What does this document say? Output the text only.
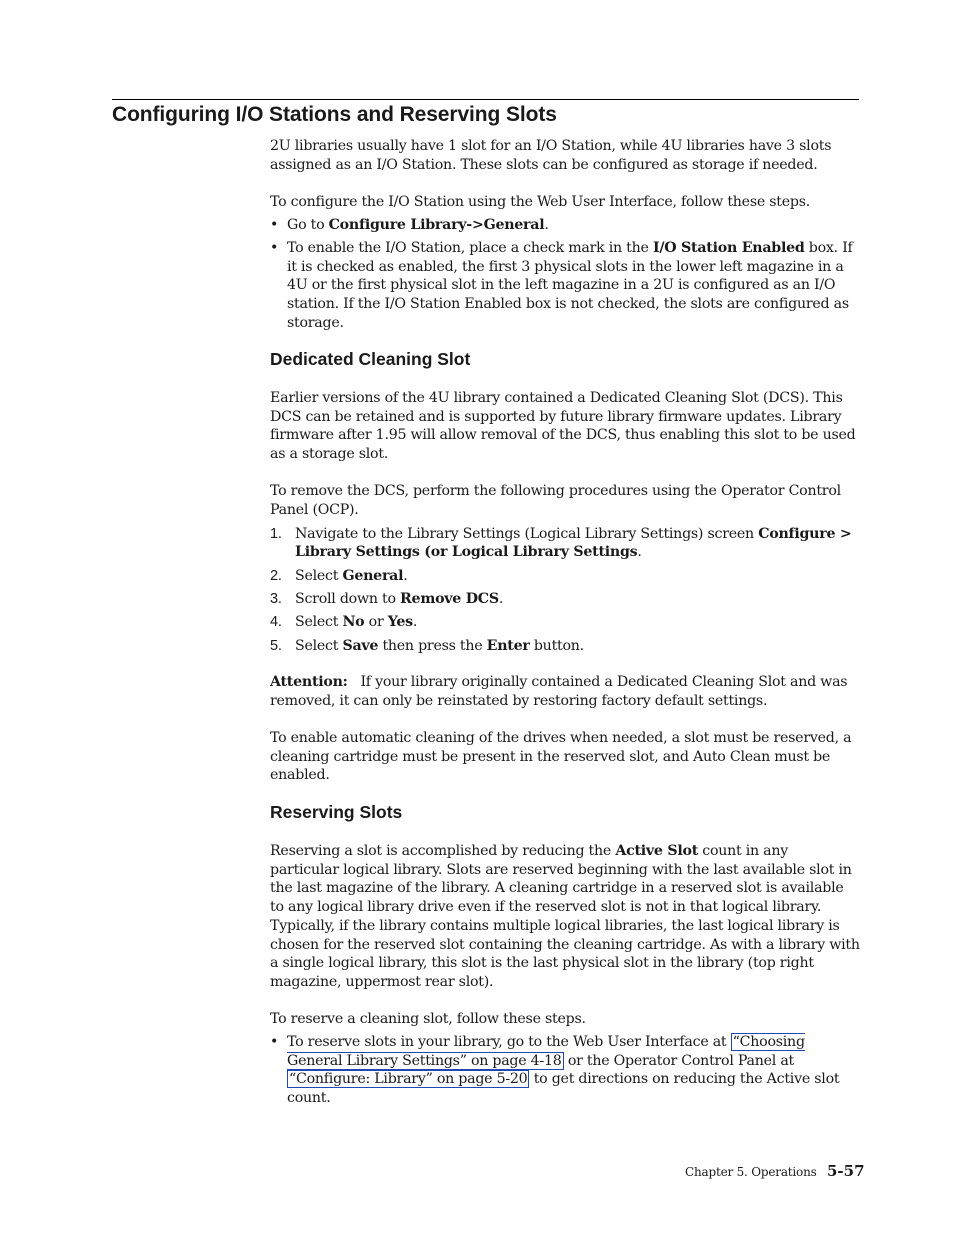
Configuring I/O Stations and Reserving Slots

2U libraries usually have 1 slot for an I/O Station, while 4U libraries have 3 slots assigned as an I/O Station. These slots can be configured as storage if needed.

To configure the I/O Station using the Web User Interface, follow these steps.

• Go to Configure Library->General.
• To enable the I/O Station, place a check mark in the I/O Station Enabled box. If it is checked as enabled, the first 3 physical slots in the lower left magazine in a 4U or the first physical slot in the left magazine in a 2U is configured as an I/O station. If the I/O Station Enabled box is not checked, the slots are configured as storage.
Dedicated Cleaning Slot

Earlier versions of the 4U library contained a Dedicated Cleaning Slot (DCS). This DCS can be retained and is supported by future library firmware updates. Library firmware after 1.95 will allow removal of the DCS, thus enabling this slot to be used as a storage slot.

To remove the DCS, perform the following procedures using the Operator Control Panel (OCP).

1. Navigate to the Library Settings (Logical Library Settings) screen Configure > Library Settings (or Logical Library Settings.
2. Select General.
3. Scroll down to Remove DCS.
4. Select No or Yes.
5. Select Save then press the Enter button.

Attention: If your library originally contained a Dedicated Cleaning Slot and was removed, it can only be reinstated by restoring factory default settings.

To enable automatic cleaning of the drives when needed, a slot must be reserved, a cleaning cartridge must be present in the reserved slot, and Auto Clean must be enabled.

Reserving Slots

Reserving a slot is accomplished by reducing the Active Slot count in any particular logical library. Slots are reserved beginning with the last available slot in the last magazine of the library. A cleaning cartridge in a reserved slot is available to any logical library drive even if the reserved slot is not in that logical library. Typically, if the library contains multiple logical libraries, the last logical library is chosen for the reserved slot containing the cleaning cartridge. As with a library with a single logical library, this slot is the last physical slot in the library (top right magazine, uppermost rear slot).

To reserve a cleaning slot, follow these steps.

• To reserve slots in your library, go to the Web User Interface at “Choosing General Library Settings” on page 4-18 or the Operator Control Panel at “Configure: Library” on page 5-20 to get directions on reducing the Active slot count.
Chapter 5. Operations 5-57
